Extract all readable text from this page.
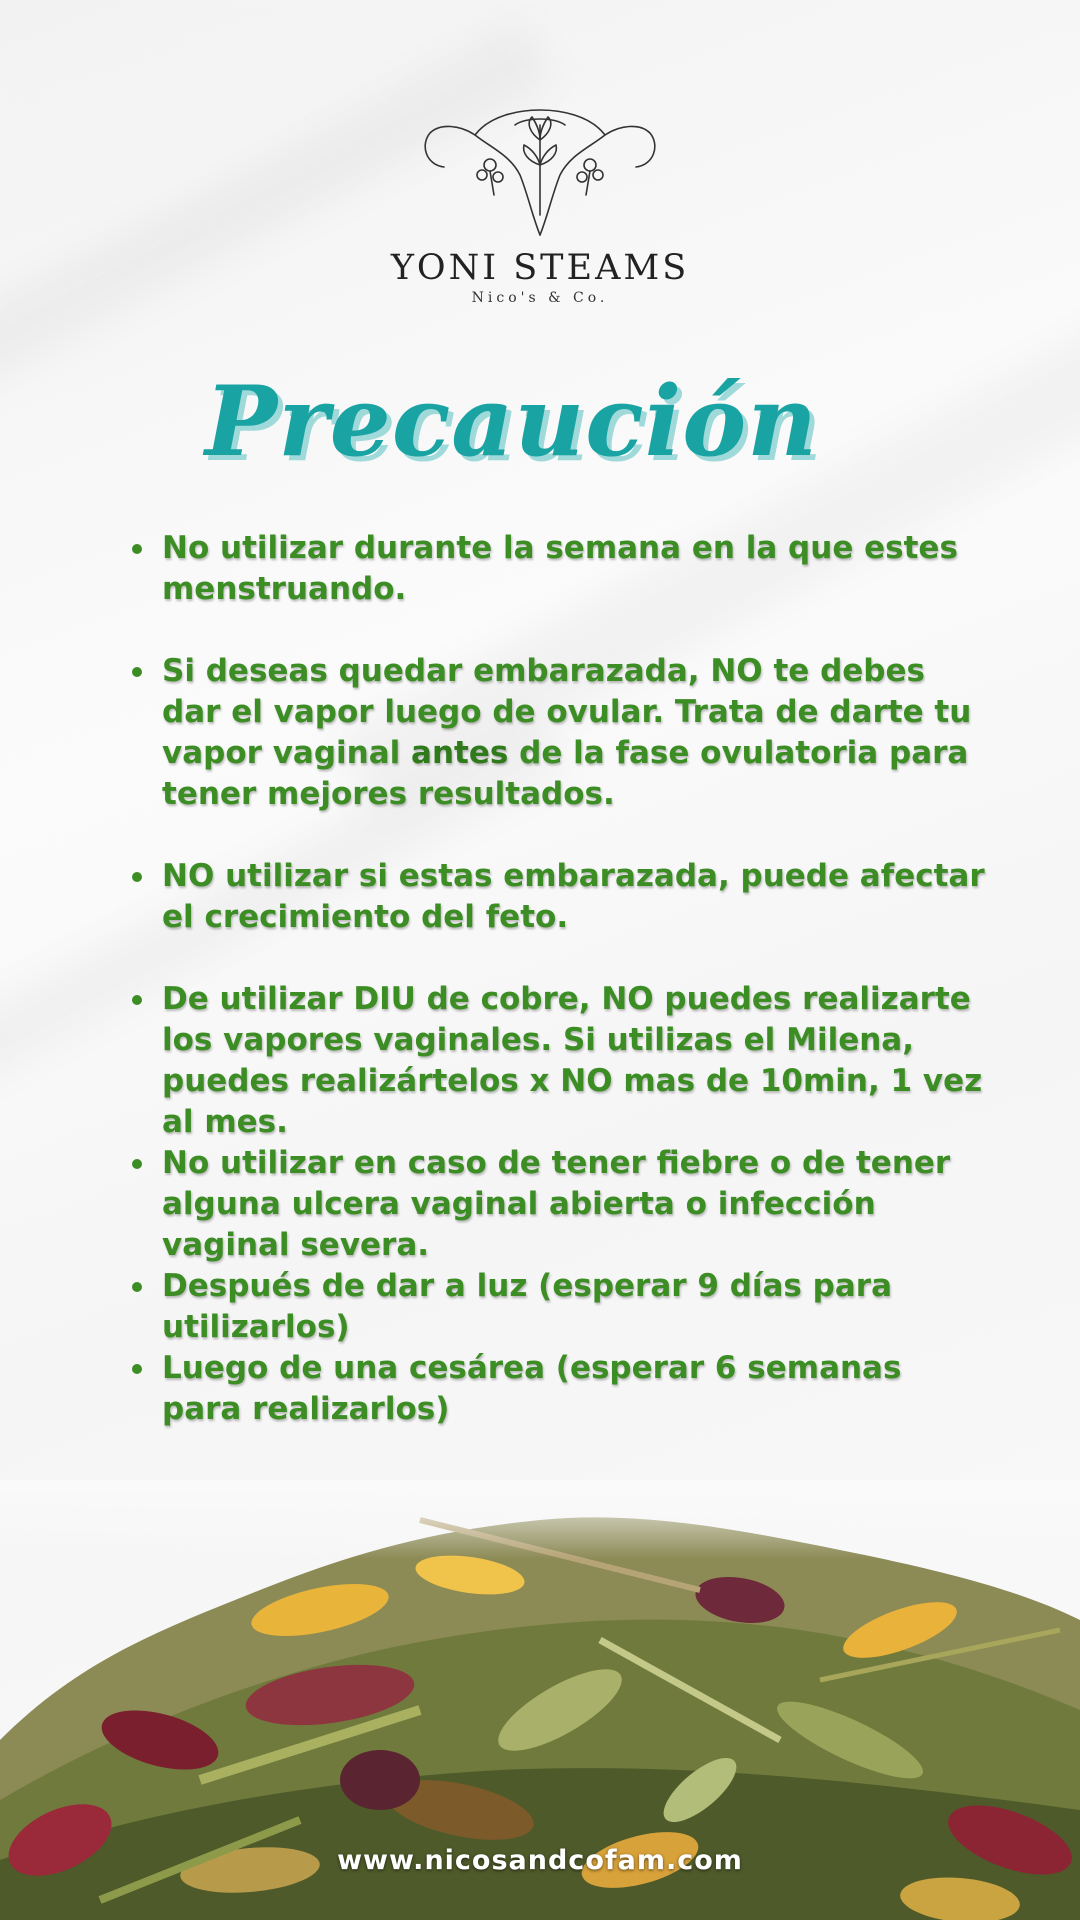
YONI STEAMS
Nico's & Co.
Precaución
No utilizar durante la semana en la que estes menstruando.
Si deseas quedar embarazada, NO te debes dar el vapor luego de ovular. Trata de darte tu vapor vaginal antes de la fase ovulatoria para tener mejores resultados.
NO utilizar si estas embarazada, puede afectar el crecimiento del feto.
De utilizar DIU de cobre, NO puedes realizarte los vapores vaginales. Si utilizas el Milena, puedes realizártelos x NO mas de 10min, 1 vez al mes.
No utilizar en caso de tener fiebre o de tener alguna ulcera vaginal abierta o infección vaginal severa.
Después de dar a luz (esperar 9 días para utilizarlos)
Luego de una cesárea (esperar 6 semanas para realizarlos)
www.nicosandcofam.com
